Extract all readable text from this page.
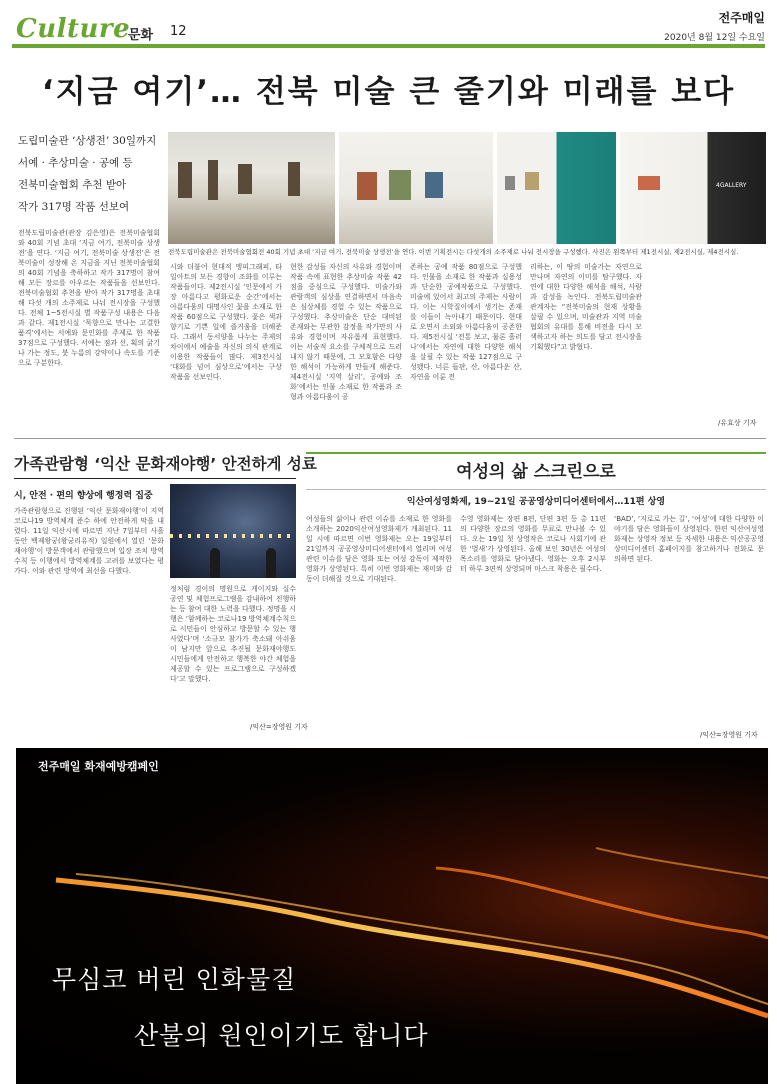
Culture
문화 12
전주매일
2020년 8월 12일 수요일
‘지금 여기’… 전북 미술 큰 줄기와 미래를 보다
도립미술관 ‘상생전’ 30일까지
서예 · 추상미술 · 공예 등
전북미술협회 추천 받아
작가 317명 작품 선보여
전북도립미술관(관장 김은영)은 전북미술협회와 40회 기념 초대 ‘지금 여기, 전북미술 상생전’을 연다. ‘지금 여기, 전북미술 상생전’은 전북미술이 성장해 온 지금을 지닌 전북미술협회의 40회 기념을 축하하고 작가 317명이 참여해 모든 장르를 아우르는 작품들을 선보인다. 전북미술협회 추천을 받아 작가 317명을 초대해 다섯 개의 소주제로 나눠 전시장을 구성했다. 전체 1~5전시실 별 작품구성 내용은 다음과 같다. 제1전시실 ‘묵향으로 만나는 고결한 품격’에서는 서예와 문인화를 주제로 한 작품 37점으로 구성했다. 서예는 점과 선, 획의 굵기나 가는 정도, 붓 누름의 강약이나 속도를 기준으로 구분한다.
4GALLERY
전북도립미술관은 전북미술협회전 40회 기념 초대 ‘지금 여기, 전북미술 상생전’을 연다. 이번 기획전시는 다섯개의 소주제로 나눠 전시장을 구성했다. 사진은 왼쪽부터 제1전시실, 제2전시실, 제4전시실.
시와 더불어 현대적 앵피그래피, 타일아트의 모든 경향이 조화를 이루는 작품들이다. 제2전시실 ‘인문에서 가장 아름다고 평화로운 순간’에서는 아름다움의 대명사인 꽃을 소재로 한 작품 60점으로 구성했다. 꽃은 색과 향기로 기쁜 일에 즐거움을 더해준다. 그래서 동서양을 나누는 주제의 차이에서 예술을 자신의 의식 관계로 이용한 작품들이 많다. 제3전시실 ‘대화를 넘어 심상으로’에서는 구상 작품을 선보인다.
현한 감성들 자신의 사유와 경험이며 작품 속에 표현한 추상미술 작품 42점을 중심으로 구성했다. 미술가와 관람객의 심상을 연결하면서 마음속은 심상체를 경험 수 있는 작품으로 구성했다. 추상미술은 단순 대비된 존재와는 무관한 감정을 작가만의 사유와 경험이며 자유롭게 표현했다. 이는 서술적 요소를 구체적으로 드러내지 않기 때문에, 그 모호함은 다양한 해석이 가능하게 만들게 해준다. 제4전시실 ‘지역 살리’, 공예와 조화’에서는 인물 소재로 한 작품과 조형과 아름다움이 공
존하는 공예 작품 80점으로 구성했다. 인물을 소재로 한 작품과 실용성과 단순한 공예작품으로 구성했다. 미술에 있어서 최고의 주제는 사람이다. 이는 시학질이에서 생기는 존재를 이들이 녹아내기 때문이다. 현대로 오면서 소외와 아름다움이 공존한다. 제5전시실 ‘전통 보고, 물론 흘러나’에서는 자연에 대한 다양한 해석을 살필 수 있는 작품 127점으로 구성됐다. 너른 들판, 산, 아름다운 산, 자연을 이룬 전
리하는, 이 땅의 미술가는 자연으로 만나며 자연의 이미를 탐구했다. 자연에 대한 다양한 해석을 해석, 사람과 감성을 녹인다. 전북도립미술관 관계자는 “전북미술의 현재 상황을 살필 수 있으며, 미술관과 지역 미술 협회의 유대를 통해 비전을 다시 모색하고자 하는 의도를 담고 전시장을 기획했다”고 밝혔다.
/유효상 기자
가족관람형 ‘익산 문화재야행’ 안전하게 성료
시, 안전 · 편의 향상에 행정력 집중
가족관람형으로 진행된 ‘익산 문화재야행’이 지역 코로나19 방역체계 준수 하에 안전하게 막을 내렸다. 11일 익산시에 따르면 지난 7일부터 사흘 동안 백제왕궁(왕궁리유적) 일원에서 열린 ‘문화재야행’이 방문객에서 관람했으며 입장 조치 방역수칙 등 이행에서 방역체계를 고려를 보였다는 평가다. 이와 관련 방역에 최선을 다했다.
정처럼 경이의 명원으로 게이지와 실수 공연 및 체험프로그램을 감내하여 진행하는 등 참여 대한 노력을 다했다. 정명을 시행은 ‘함께하는 코로나19 방역체계수칙으로 시민들이 안심하고 방문할 수 있는 행사였다’며 ‘소규모 참가가 축소돼 아쉬움이 남지만 앞으로 추진될 문화재야행도 시민들에게 안전하고 행복한 야간 체험을 제공할 수 있는 프로그램으로 구성하겠다’고 말했다.
/익산=장영원 기자
여성의 삶 스크린으로
익산여성영화제, 19~21일 공공영상미디어센터에서…11편 상영
여성들의 삶이나 관련 이슈를 소재로 한 영화를 소개하는 2020익산여성영화제가 개최된다. 11일 시에 따르면 이번 영화제는 오는 19일부터 21일까지 공공영상미디어센터에서 열리며 여성 관련 이슈를 담은 영화 또는 여성 감독이 제작한 영화가 상영된다. 특히 이번 영화제는 재미와 감동이 더해질 것으로 기대된다.
수영 영화제는 장편 8편, 단편 3편 등 총 11편의 다양한 장르의 영화를 무료로 만나볼 수 있다. 오는 19일 첫 상영작은 코로나 사회기에 관한 ‘벌새’가 상영된다. 올해 보인 30년은 여성의 목소리를 영화로 담아냈다. 영화는 오후 2시부터 하루 3편씩 상영되며 마스크 착용은 필수다.
‘BAD’, ‘지로로 가는 길’, ‘여성’에 대한 다양한 이야기를 담은 영화들이 상영된다. 한편 익산여성영화제는 상영작 정보 등 자세한 내용은 익산공공영상미디어센터 홈페이지를 참고하거나 전화로 문의하면 된다.
/익산=장영원 기자
전주매일 화재예방캠페인
무심코 버린 인화물질
산불의 원인이기도 합니다
